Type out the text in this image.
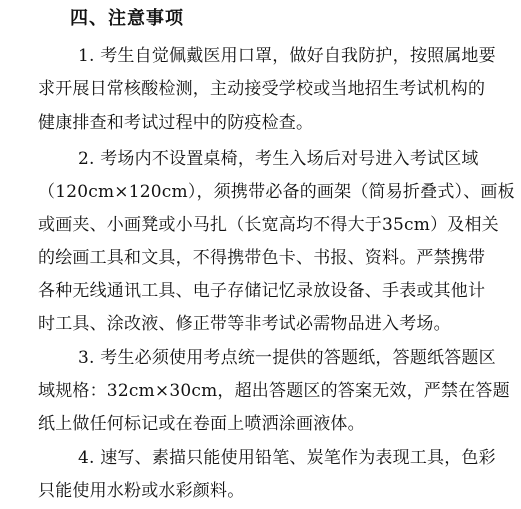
四、注意事项
1. 考生自觉佩戴医用口罩，做好自我防护，按照属地要
求开展日常核酸检测，主动接受学校或当地招生考试机构的
健康排查和考试过程中的防疫检查。
2. 考场内不设置桌椅，考生入场后对号进入考试区域
（120cm×120cm），须携带必备的画架（简易折叠式）、画板
或画夹、小画凳或小马扎（长宽高均不得大于35cm）及相关
的绘画工具和文具，不得携带色卡、书报、资料。严禁携带
各种无线通讯工具、电子存储记忆录放设备、手表或其他计
时工具、涂改液、修正带等非考试必需物品进入考场。
3. 考生必须使用考点统一提供的答题纸，答题纸答题区
域规格：32cm×30cm，超出答题区的答案无效，严禁在答题
纸上做任何标记或在卷面上喷洒涂画液体。
4. 速写、素描只能使用铅笔、炭笔作为表现工具，色彩
只能使用水粉或水彩颜料。
